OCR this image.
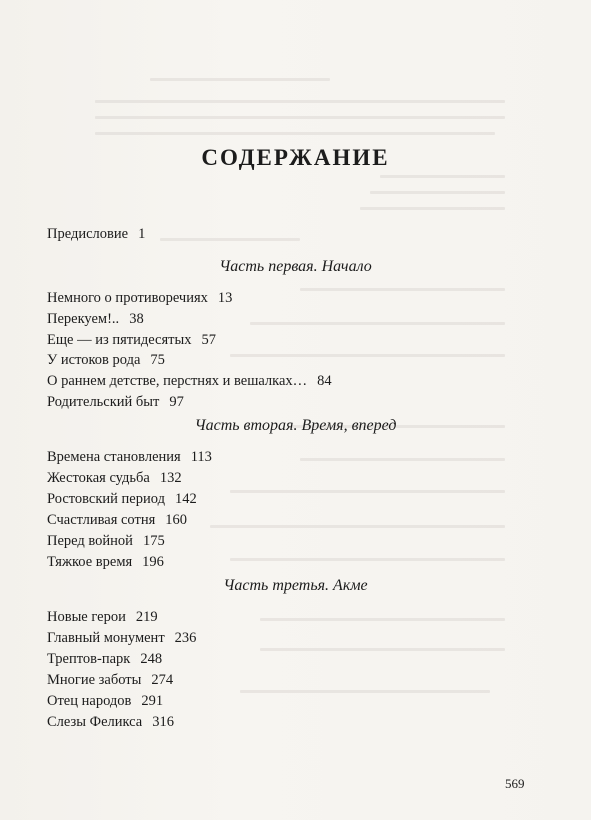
СОДЕРЖАНИЕ
Предисловие 1
Часть первая. Начало
Немного о противоречиях 13
Перекуем!.. 38
Еще — из пятидесятых 57
У истоков рода 75
О раннем детстве, перстнях и вешалках… 84
Родительский быт 97
Часть вторая. Время, вперед
Времена становления 113
Жестокая судьба 132
Ростовский период 142
Счастливая сотня 160
Перед войной 175
Тяжкое время 196
Часть третья. Акме
Новые герои 219
Главный монумент 236
Трептов-парк 248
Многие заботы 274
Отец народов 291
Слезы Феликса 316
569
